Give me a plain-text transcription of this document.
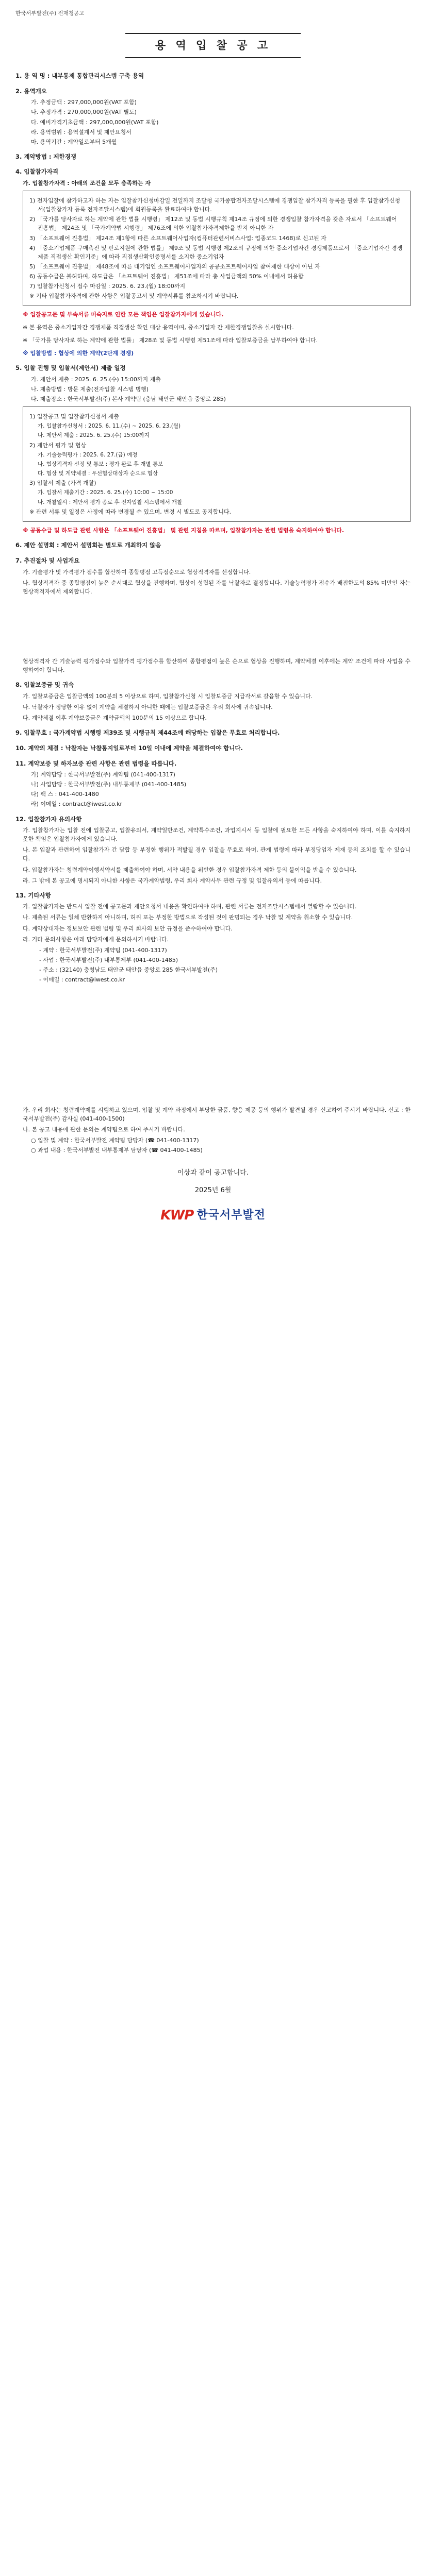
한국서부발전(주) 전재청공고
용 역 입 찰 공 고
1. 용 역 명 : 내부통제 통합관리시스템 구축 용역
2. 용역개요
가. 추정금액 : 297,000,000원(VAT 포함)
나. 추정가격 : 270,000,000원(VAT 별도)
다. 예비가격기초금액 : 297,000,000원(VAT 포함)
라. 용역범위 : 용역설계서 및 제안요청서
마. 용역기간 : 계약일로부터 5개월
3. 계약방법 : 제한경쟁
4. 입찰참가자격
가. 입찰참가자격 : 아래의 조건을 모두 충족하는 자

1) 전자입찰에 참가하고자 하는 자는 입찰참가신청마감일 전일까지 조달청 국가종합전자조달시스템에 경쟁입찰 참가자격 등록을 필한 후 입찰참가신청서(입찰참가자 등록 전자조달시스템)에 회원등록을 완료하여야 합니다.

2) 「국가를 당사자로 하는 계약에 관한 법률 시행령」 제12조 및 동법 시행규칙 제14조 규정에 의한 경쟁입찰 참가자격을 갖춘 자로서 「소프트웨어 진흥법」 제24조 및 「국가계약법 시행령」 제76조에 의한 입찰참가자격제한을 받지 아니한 자

3) 「소프트웨어 진흥법」 제24조 제1항에 따른 소프트웨어사업자(컴퓨터관련서비스사업: 업종코드 1468)로 신고된 자

4) 「중소기업제품 구매촉진 및 판로지원에 관한 법률」 제9조 및 동법 시행령 제2조의 규정에 의한 중소기업자간 경쟁제품으로서 「중소기업자간 경쟁제품 직접생산 확인기준」에 따라 직접생산확인증명서를 소지한 중소기업자

5) 「소프트웨어 진흥법」 제48조에 따른 대기업인 소프트웨어사업자의 공공소프트웨어사업 참여제한 대상이 아닌 자

6) 공동수급은 불허하며, 하도급은 「소프트웨어 진흥법」 제51조에 따라 총 사업금액의 50% 이내에서 허용함

7) 입찰참가신청서 접수 마감일 : 2025. 6. 23.(월) 18:00까지

※ 기타 입찰참가자격에 관한 사항은 입찰공고서 및 계약서류를 참조하시기 바랍니다.

※ 입찰공고문 및 부속서류 미숙지로 인한 모든 책임은 입찰참가자에게 있습니다.
※ 본 용역은 중소기업자간 경쟁제품 직접생산 확인 대상 용역이며, 중소기업자 간 제한경쟁입찰을 실시합니다.
※ 「국가를 당사자로 하는 계약에 관한 법률」 제28조 및 동법 시행령 제51조에 따라 입찰보증금을 납부하여야 합니다.
※ 입찰방법 : 협상에 의한 계약(2단계 경쟁)
5. 입찰 진행 및 입찰서(제안서) 제출 일정
가. 제안서 제출 : 2025. 6. 25.(수) 15:00까지 제출
나. 제출방법 : 방문 제출(전자입찰 시스템 병행)
다. 제출장소 : 한국서부발전(주) 본사 계약팀 (충남 태안군 태안읍 중앙로 285)

1) 입찰공고 및 입찰참가신청서 제출

가. 입찰참가신청서 : 2025. 6. 11.(수) ~ 2025. 6. 23.(월)

나. 제안서 제출 : 2025. 6. 25.(수) 15:00까지

2) 제안서 평가 및 협상

가. 기술능력평가 : 2025. 6. 27.(금) 예정

나. 협상적격자 선정 및 통보 : 평가 완료 후 개별 통보

다. 협상 및 계약체결 : 우선협상대상자 순으로 협상

3) 입찰서 제출 (가격 개찰)

가. 입찰서 제출기간 : 2025. 6. 25.(수) 10:00 ~ 15:00

나. 개찰일시 : 제안서 평가 종료 후 전자입찰 시스템에서 개찰

※ 관련 서류 및 일정은 사정에 따라 변경될 수 있으며, 변경 시 별도로 공지합니다.

※ 공동수급 및 하도급 관련 사항은 「소프트웨어 진흥법」 및 관련 지침을 따르며, 입찰참가자는 관련 법령을 숙지하여야 합니다.
6. 제안 설명회 : 제안서 설명회는 별도로 개최하지 않음
7. 추진절차 및 사업개요
가. 기술평가 및 가격평가 점수를 합산하여 종합평점 고득점순으로 협상적격자를 선정합니다.
나. 협상적격자 중 종합평점이 높은 순서대로 협상을 진행하며, 협상이 성립된 자를 낙찰자로 결정합니다. 기술능력평가 점수가 배점한도의 85% 미만인 자는 협상적격자에서 제외합니다.
협상적격자 간 기술능력 평가점수와 입찰가격 평가점수를 합산하여 종합평점이 높은 순으로 협상을 진행하며, 계약체결 이후에는 계약 조건에 따라 사업을 수행하여야 합니다.
8. 입찰보증금 및 귀속
가. 입찰보증금은 입찰금액의 100분의 5 이상으로 하며, 입찰참가신청 시 입찰보증금 지급각서로 갈음할 수 있습니다.
나. 낙찰자가 정당한 이유 없이 계약을 체결하지 아니한 때에는 입찰보증금은 우리 회사에 귀속됩니다.
다. 계약체결 이후 계약보증금은 계약금액의 100분의 15 이상으로 합니다.
9. 입찰무효 : 국가계약법 시행령 제39조 및 시행규칙 제44조에 해당하는 입찰은 무효로 처리합니다.
10. 계약의 체결 : 낙찰자는 낙찰통지일로부터 10일 이내에 계약을 체결하여야 합니다.
11. 계약보증 및 하자보증 관련 사항은 관련 법령을 따릅니다.
가) 계약담당 : 한국서부발전(주) 계약팀 (041-400-1317)
나) 사업담당 : 한국서부발전(주) 내부통제부 (041-400-1485)
다) 팩 스 : 041-400-1480
라) 이메일 : contract@iwest.co.kr
12. 입찰참가자 유의사항
가. 입찰참가자는 입찰 전에 입찰공고, 입찰유의서, 계약일반조건, 계약특수조건, 과업지시서 등 입찰에 필요한 모든 사항을 숙지하여야 하며, 이를 숙지하지 못한 책임은 입찰참가자에게 있습니다.
나. 본 입찰과 관련하여 입찰참가자 간 담합 등 부정한 행위가 적발될 경우 입찰을 무효로 하며, 관계 법령에 따라 부정당업자 제재 등의 조치를 할 수 있습니다.
다. 입찰참가자는 청렴계약이행서약서를 제출하여야 하며, 서약 내용을 위반한 경우 입찰참가자격 제한 등의 불이익을 받을 수 있습니다.
라. 그 밖에 본 공고에 명시되지 아니한 사항은 국가계약법령, 우리 회사 계약사무 관련 규정 및 입찰유의서 등에 따릅니다.
13. 기타사항
가. 입찰참가자는 반드시 입찰 전에 공고문과 제안요청서 내용을 확인하여야 하며, 관련 서류는 전자조달시스템에서 열람할 수 있습니다.
나. 제출된 서류는 일체 반환하지 아니하며, 허위 또는 부정한 방법으로 작성된 것이 판명되는 경우 낙찰 및 계약을 취소할 수 있습니다.
다. 계약상대자는 정보보안 관련 법령 및 우리 회사의 보안 규정을 준수하여야 합니다.
라. 기타 문의사항은 아래 담당자에게 문의하시기 바랍니다.
- 계약 : 한국서부발전(주) 계약팀 (041-400-1317)
- 사업 : 한국서부발전(주) 내부통제부 (041-400-1485)
- 주소 : (32140) 충청남도 태안군 태안읍 중앙로 285 한국서부발전(주)
- 이메일 : contract@iwest.co.kr
가. 우리 회사는 청렴계약제를 시행하고 있으며, 입찰 및 계약 과정에서 부당한 금품, 향응 제공 등의 행위가 발견될 경우 신고하여 주시기 바랍니다. 신고 : 한국서부발전(주) 감사실 (041-400-1500)
나. 본 공고 내용에 관한 문의는 계약팀으로 하여 주시기 바랍니다.
○ 입찰 및 계약 : 한국서부발전 계약팀 담당자 (☎ 041-400-1317)
○ 과업 내용 : 한국서부발전 내부통제부 담당자 (☎ 041-400-1485)
이상과 같이 공고합니다.
2025년 6월
KWP 한국서부발전
